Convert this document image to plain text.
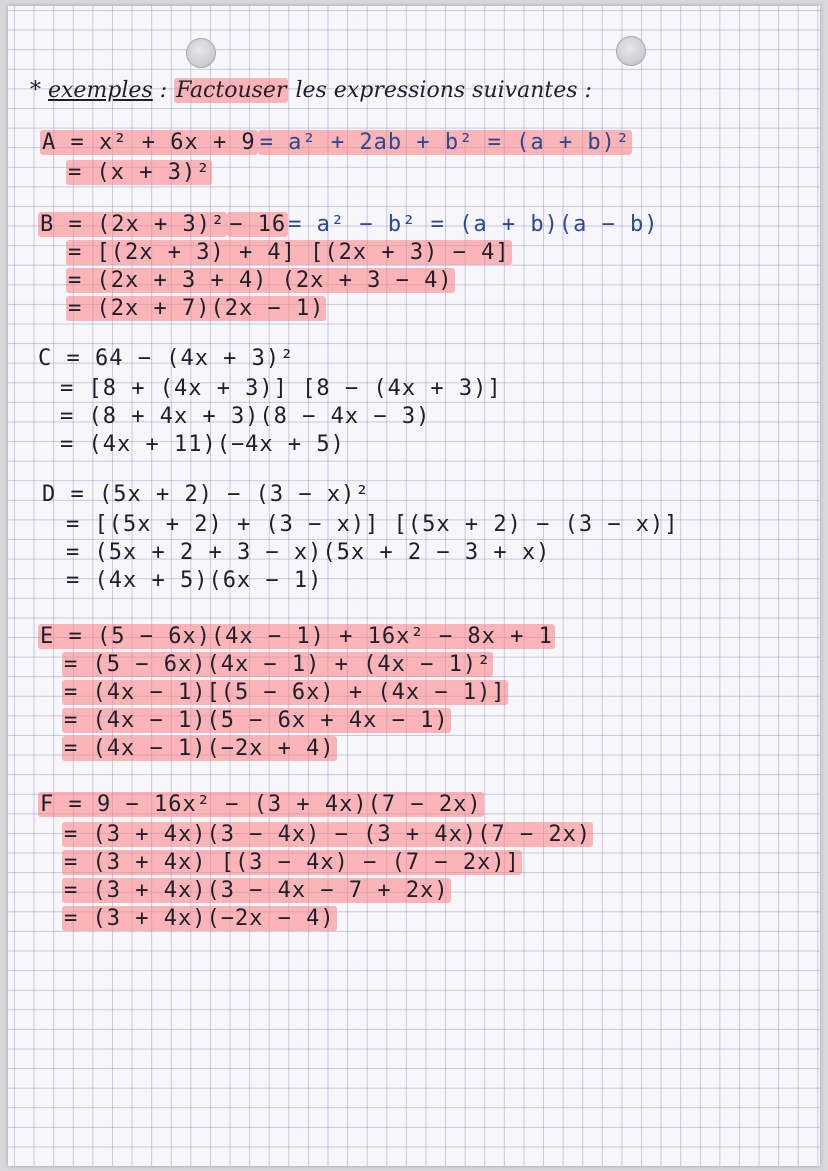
* exemples : Factouser les expressions suivantes :
A = x² + 6x + 9 = a² + 2ab + b² = (a + b)²
= (x + 3)²
B = (2x + 3)² − 16= a² − b² = (a + b)(a − b)
= [(2x + 3) + 4] [(2x + 3) − 4]
= (2x + 3 + 4) (2x + 3 − 4)
= (2x + 7)(2x − 1)
C = 64 − (4x + 3)²
= [8 + (4x + 3)] [8 − (4x + 3)]
= (8 + 4x + 3)(8 − 4x − 3)
= (4x + 11)(−4x + 5)
D = (5x + 2) − (3 − x)²
= [(5x + 2) + (3 − x)] [(5x + 2) − (3 − x)]
= (5x + 2 + 3 − x)(5x + 2 − 3 + x)
= (4x + 5)(6x − 1)
E = (5 − 6x)(4x − 1) + 16x² − 8x + 1
= (5 − 6x)(4x − 1) + (4x − 1)²
= (4x − 1)[(5 − 6x) + (4x − 1)]
= (4x − 1)(5 − 6x + 4x − 1)
= (4x − 1)(−2x + 4)
F = 9 − 16x² − (3 + 4x)(7 − 2x)
= (3 + 4x)(3 − 4x) − (3 + 4x)(7 − 2x)
= (3 + 4x) [(3 − 4x) − (7 − 2x)]
= (3 + 4x)(3 − 4x − 7 + 2x)
= (3 + 4x)(−2x − 4)
